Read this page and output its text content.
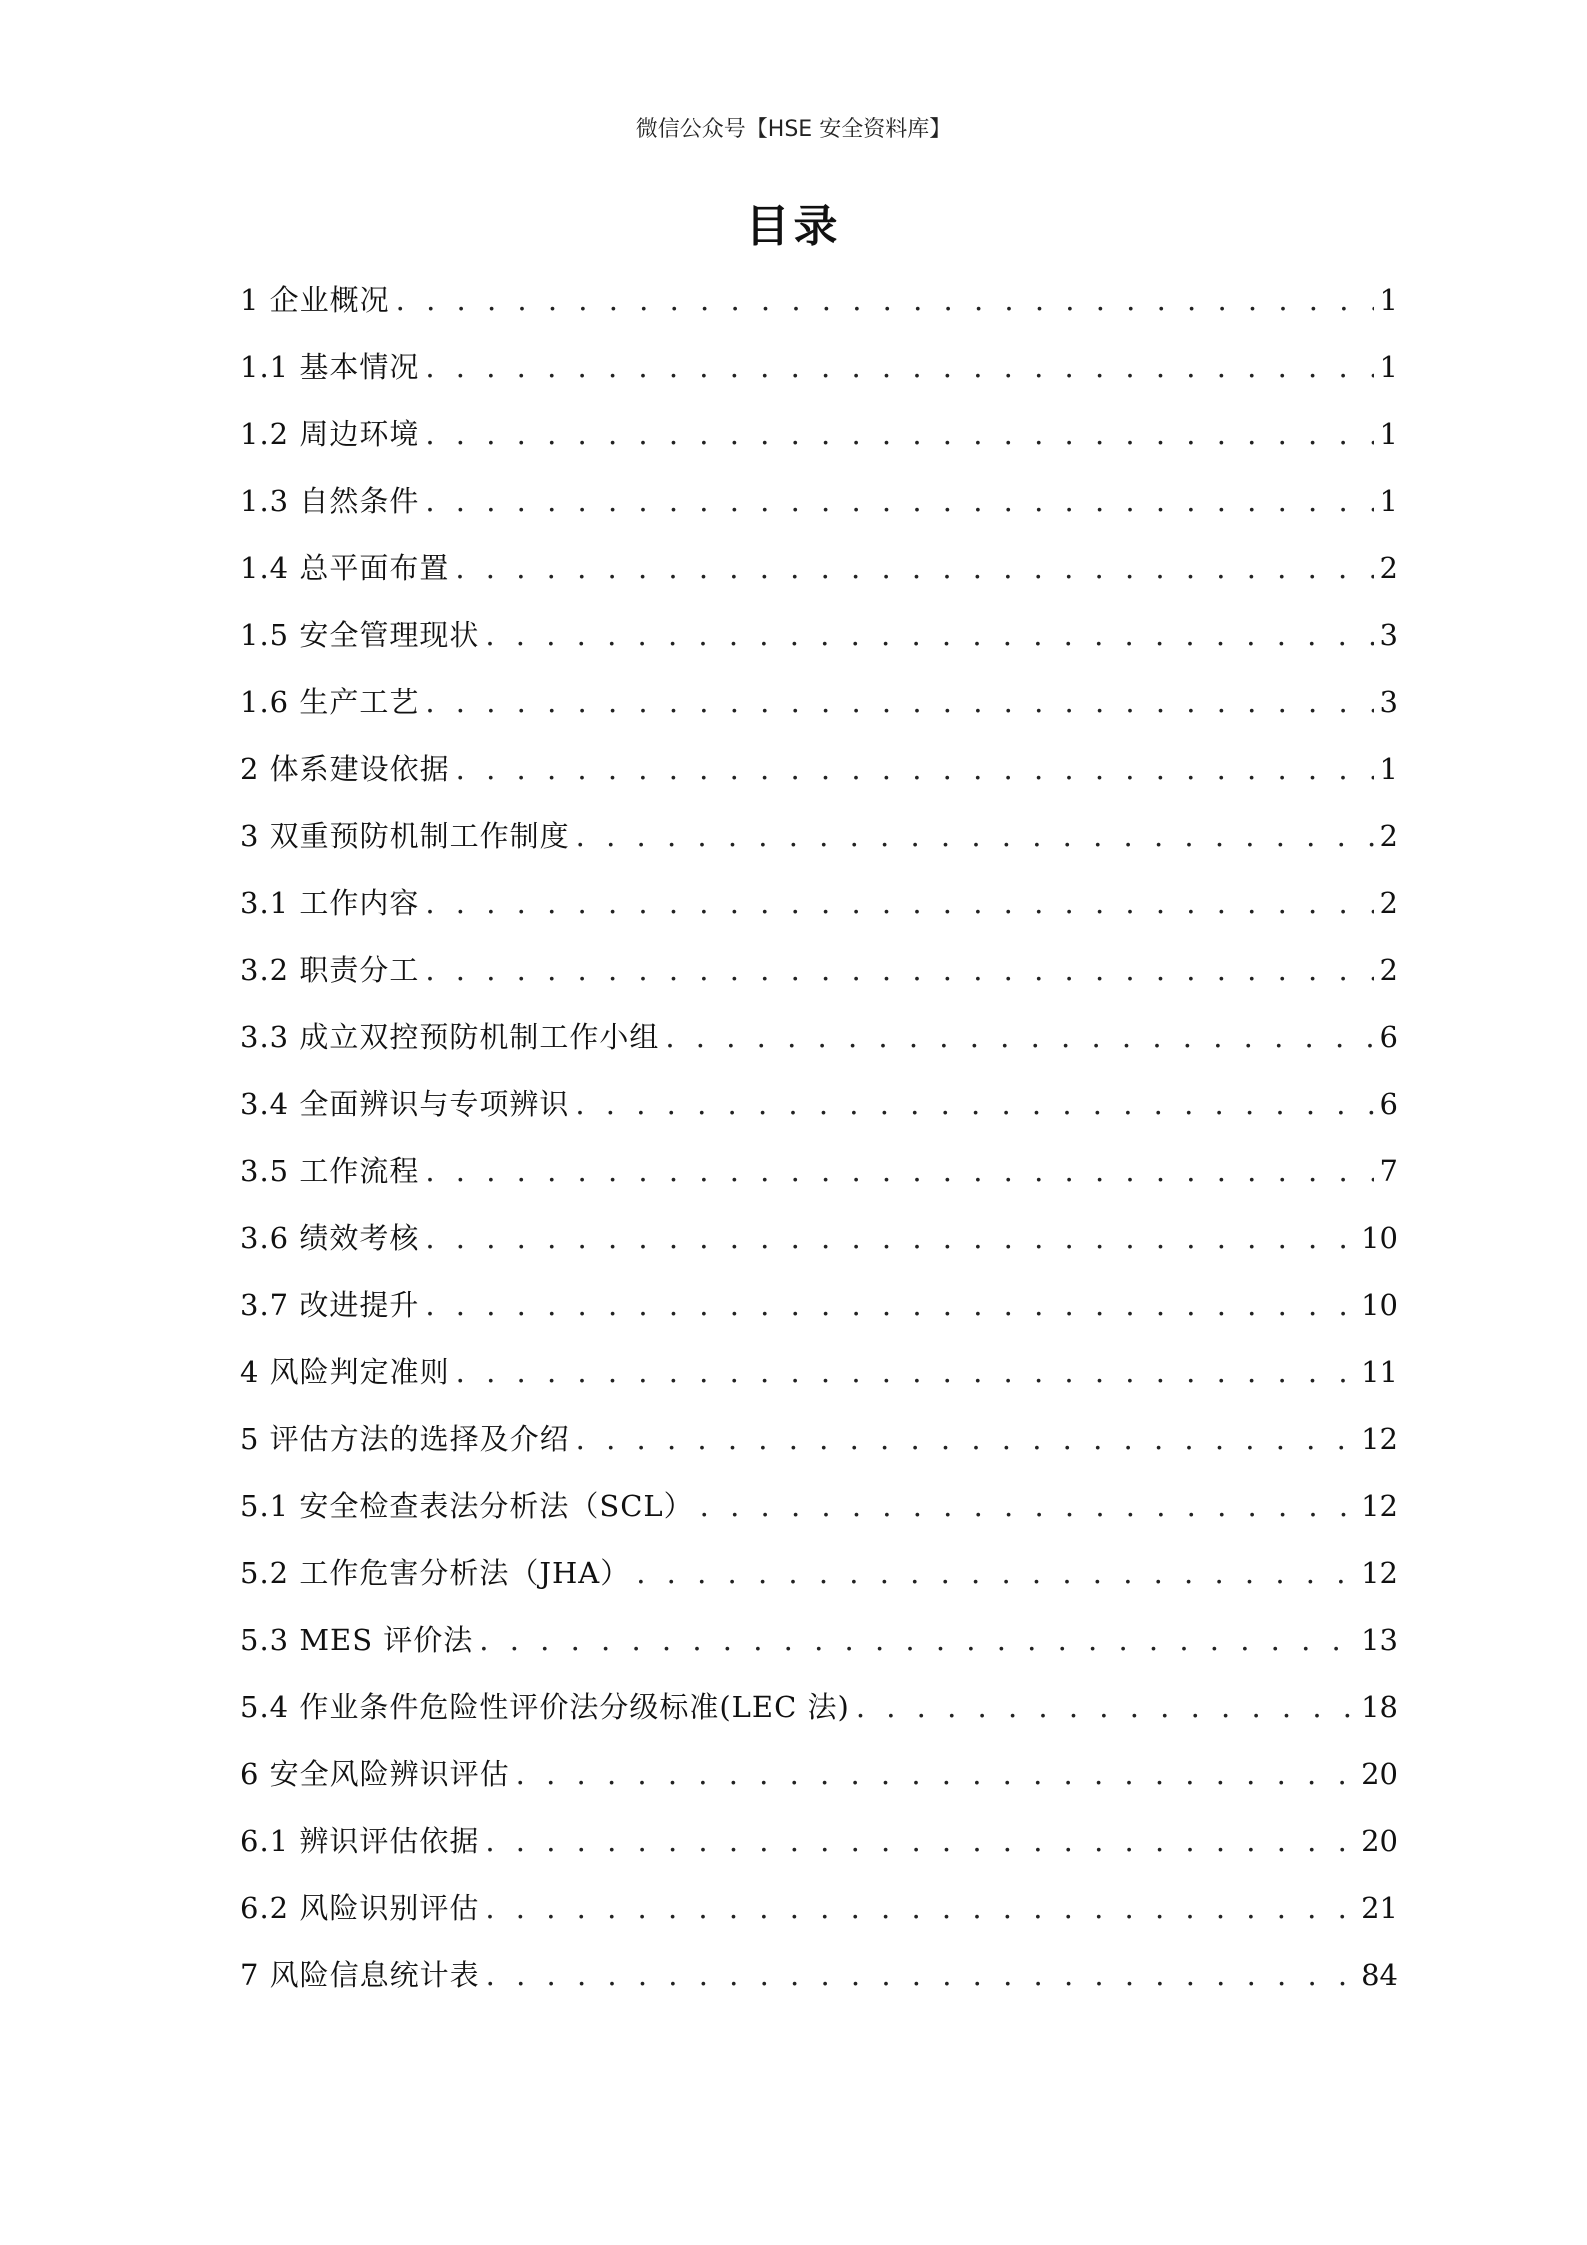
微信公众号【HSE 安全资料库】
目录
1 企业概况 . . .	1
1.1 基本情况 . . .	1
1.2 周边环境 . . .	1
1.3 自然条件 . . .	1
1.4 总平面布置 . . .	2
1.5 安全管理现状 . . .	3
1.6 生产工艺 . . .	3
2 体系建设依据 . . .	1
3 双重预防机制工作制度 . . .	2
3.1 工作内容 . . .	2
3.2 职责分工 . . .	2
3.3 成立双控预防机制工作小组 . . .	6
3.4 全面辨识与专项辨识 . . .	6
3.5 工作流程 . . .	7
3.6 绩效考核 . . .	10
3.7 改进提升 . . .	10
4 风险判定准则 . . .	11
5 评估方法的选择及介绍 . . .	12
5.1 安全检查表法分析法（SCL） . . .	12
5.2 工作危害分析法（JHA） . . .	12
5.3 MES 评价法 . . .	13
5.4 作业条件危险性评价法分级标准(LEC 法) . . .	18
6 安全风险辨识评估 . . .	20
6.1 辨识评估依据 . . .	20
6.2 风险识别评估 . . .	21
7 风险信息统计表 . . .	84
